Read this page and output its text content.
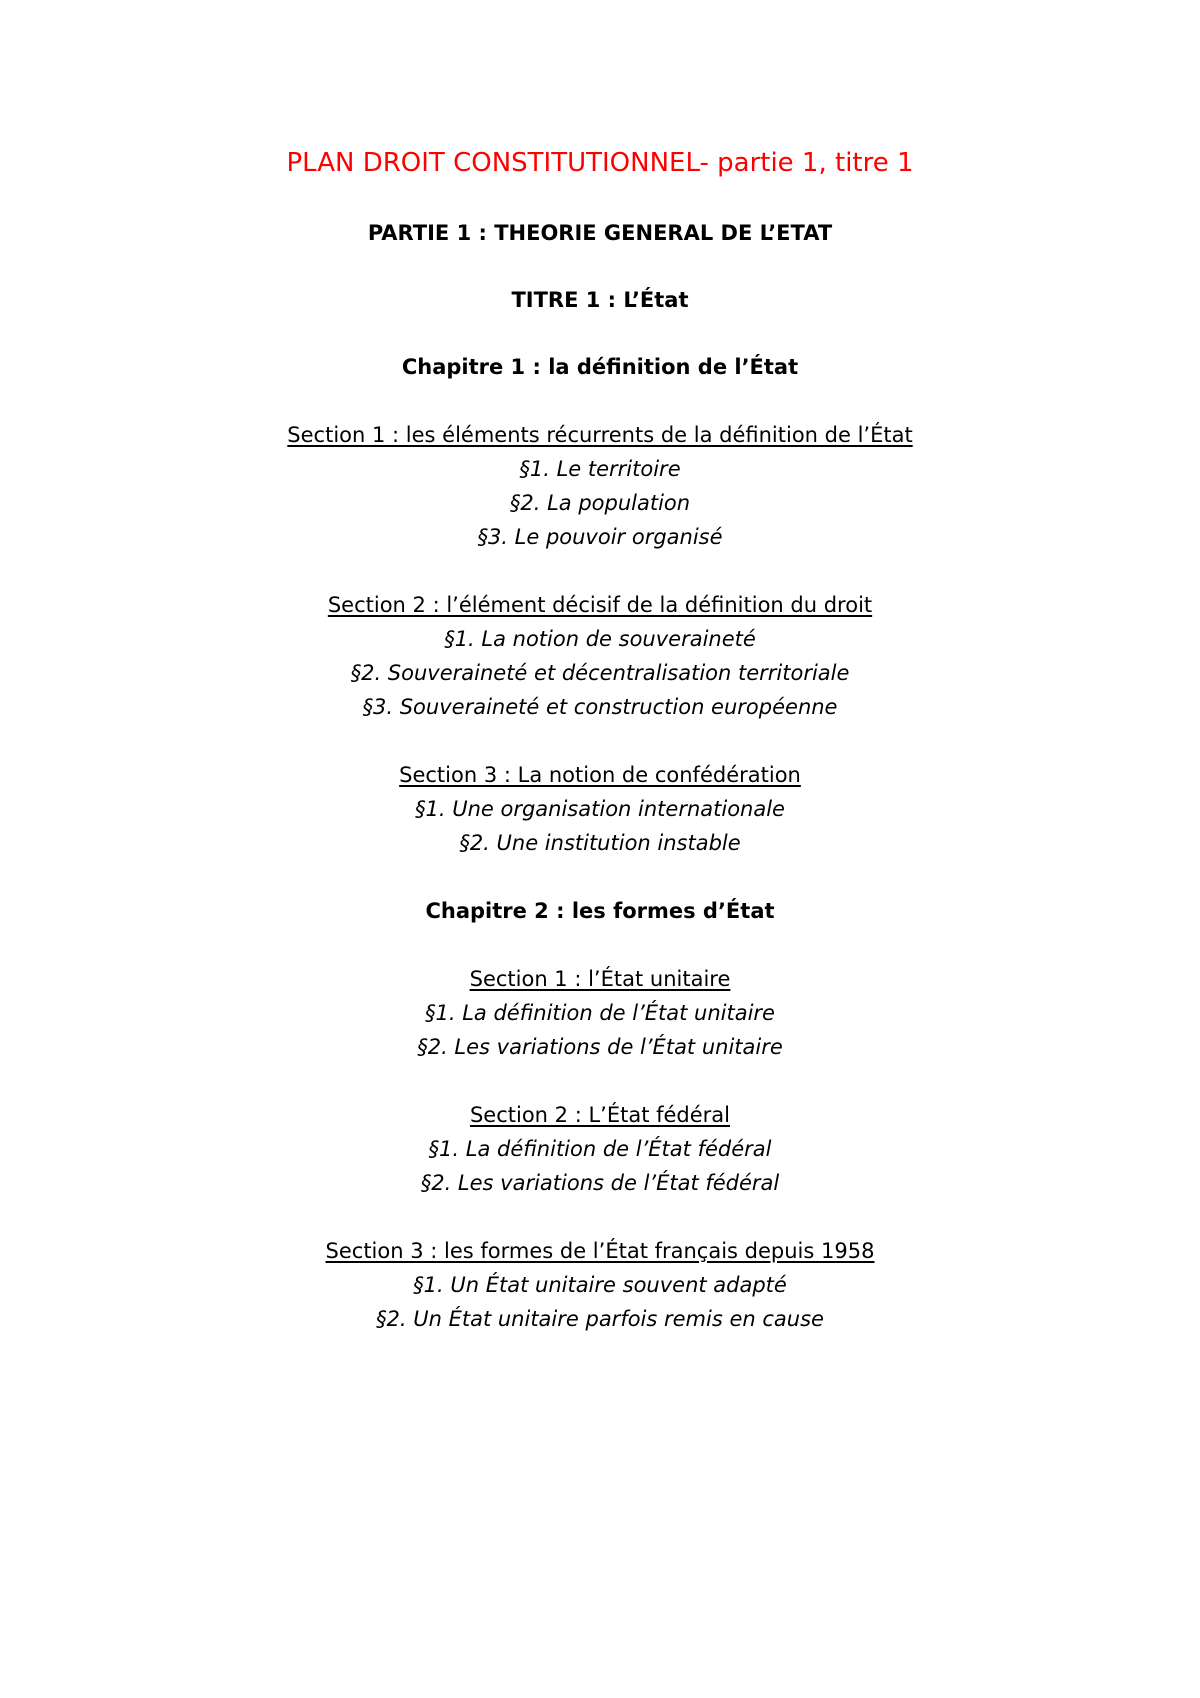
PLAN DROIT CONSTITUTIONNEL- partie 1, titre 1
PARTIE 1 : THEORIE GENERAL DE L’ETAT
TITRE 1 : L’État
Chapitre 1 : la définition de l’État
Section 1 : les éléments récurrents de la définition de l’État
§1. Le territoire
§2. La population
§3. Le pouvoir organisé
Section 2 : l’élément décisif de la définition du droit
§1. La notion de souveraineté
§2. Souveraineté et décentralisation territoriale
§3. Souveraineté et construction européenne
Section 3 : La notion de confédération
§1. Une organisation internationale
§2. Une institution instable
Chapitre 2 : les formes d’État
Section 1 : l’État unitaire
§1. La définition de l’État unitaire
§2. Les variations de l’État unitaire
Section 2 : L’État fédéral
§1. La définition de l’État fédéral
§2. Les variations de l’État fédéral
Section 3 : les formes de l’État français depuis 1958
§1. Un État unitaire souvent adapté
§2. Un État unitaire parfois remis en cause
